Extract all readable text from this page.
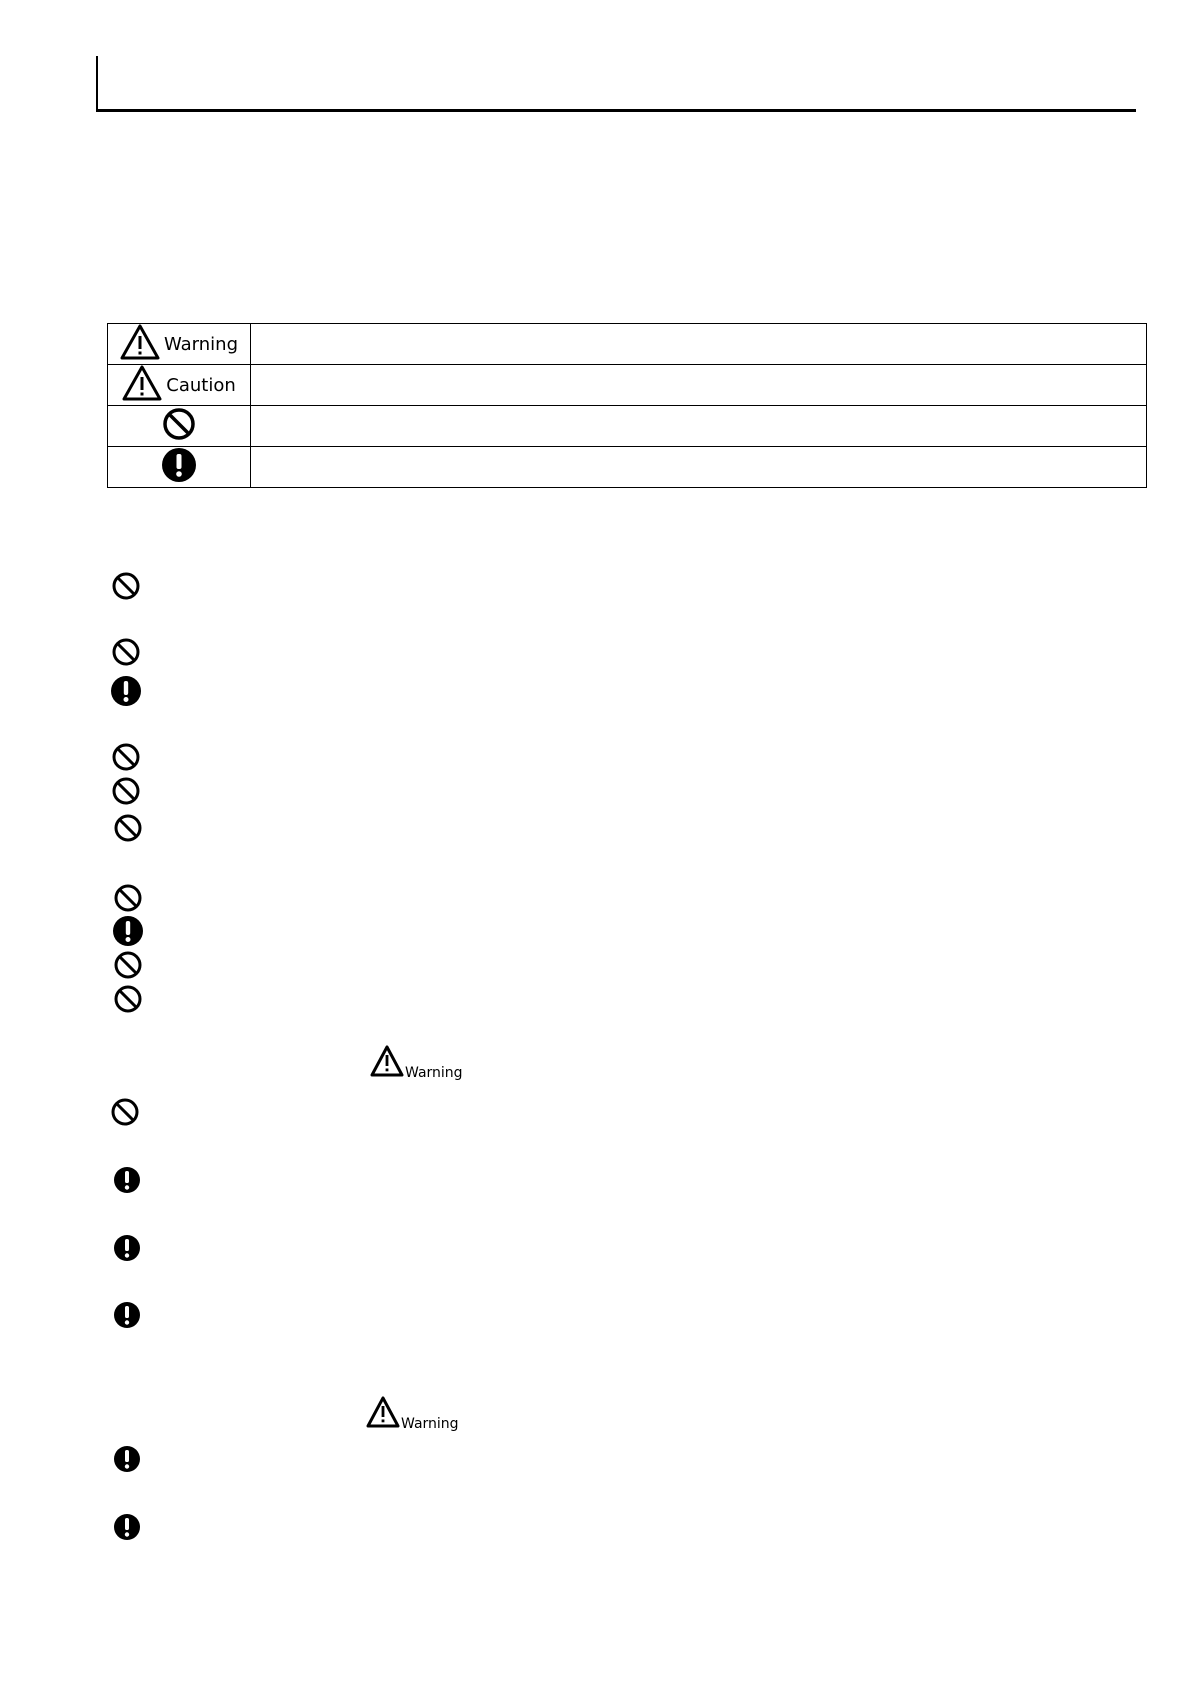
Warning	

Caution	

Warning
Warning
